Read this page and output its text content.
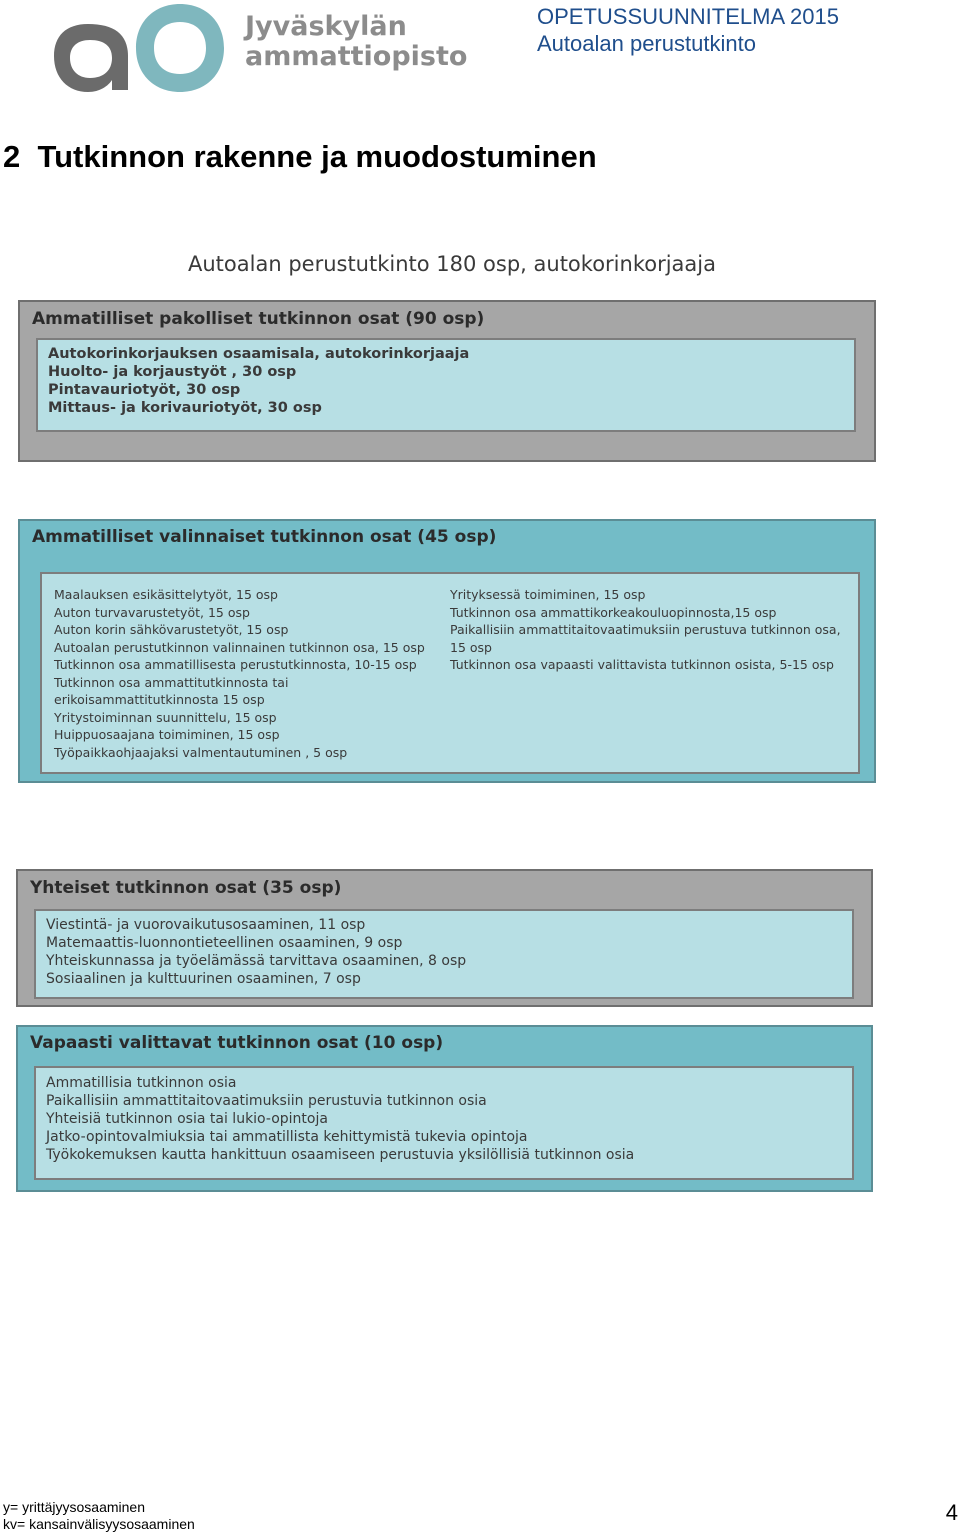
Jyväskylän
ammattiopisto
OPETUSSUUNNITELMA 2015
Autoalan perustutkinto
2  Tutkinnon rakenne ja muodostuminen
Autoalan perustutkinto 180 osp, autokorinkorjaaja
Ammatilliset pakolliset tutkinnon osat (90 osp)
Autokorinkorjauksen osaamisala, autokorinkorjaaja
Huolto- ja korjaustyöt , 30 osp
Pintavauriotyöt, 30 osp
Mittaus- ja korivauriotyöt, 30 osp
Ammatilliset valinnaiset tutkinnon osat (45 osp)
Maalauksen esikäsittelytyöt, 15 osp
Auton turvavarustetyöt, 15 osp
Auton korin sähkövarustetyöt, 15 osp
Autoalan perustutkinnon valinnainen tutkinnon osa, 15 osp
Tutkinnon osa ammatillisesta perustutkinnosta, 10-15 osp
Tutkinnon osa ammattitutkinnosta tai
erikoisammattitutkinnosta 15 osp
Yritystoiminnan suunnittelu, 15 osp
Huippuosaajana toimiminen, 15 osp
Työpaikkaohjaajaksi valmentautuminen , 5 osp
Yrityksessä toimiminen, 15 osp
Tutkinnon osa ammattikorkeakouluopinnosta,15 osp
Paikallisiin ammattitaitovaatimuksiin perustuva tutkinnon osa, 15 osp
Tutkinnon osa vapaasti valittavista tutkinnon osista, 5-15 osp
Yhteiset tutkinnon osat (35 osp)
Viestintä- ja vuorovaikutusosaaminen, 11 osp
Matemaattis-luonnontieteellinen osaaminen, 9 osp
Yhteiskunnassa ja työelämässä tarvittava osaaminen, 8 osp
Sosiaalinen ja kulttuurinen osaaminen, 7 osp
Vapaasti valittavat tutkinnon osat (10 osp)
Ammatillisia tutkinnon osia
Paikallisiin ammattitaitovaatimuksiin perustuvia tutkinnon osia
Yhteisiä tutkinnon osia tai lukio-opintoja
Jatko-opintovalmiuksia tai ammatillista kehittymistä tukevia opintoja
Työkokemuksen kautta hankittuun osaamiseen perustuvia yksilöllisiä tutkinnon osia
y= yrittäjyysosaaminen
kv= kansainvälisyysosaaminen	4
